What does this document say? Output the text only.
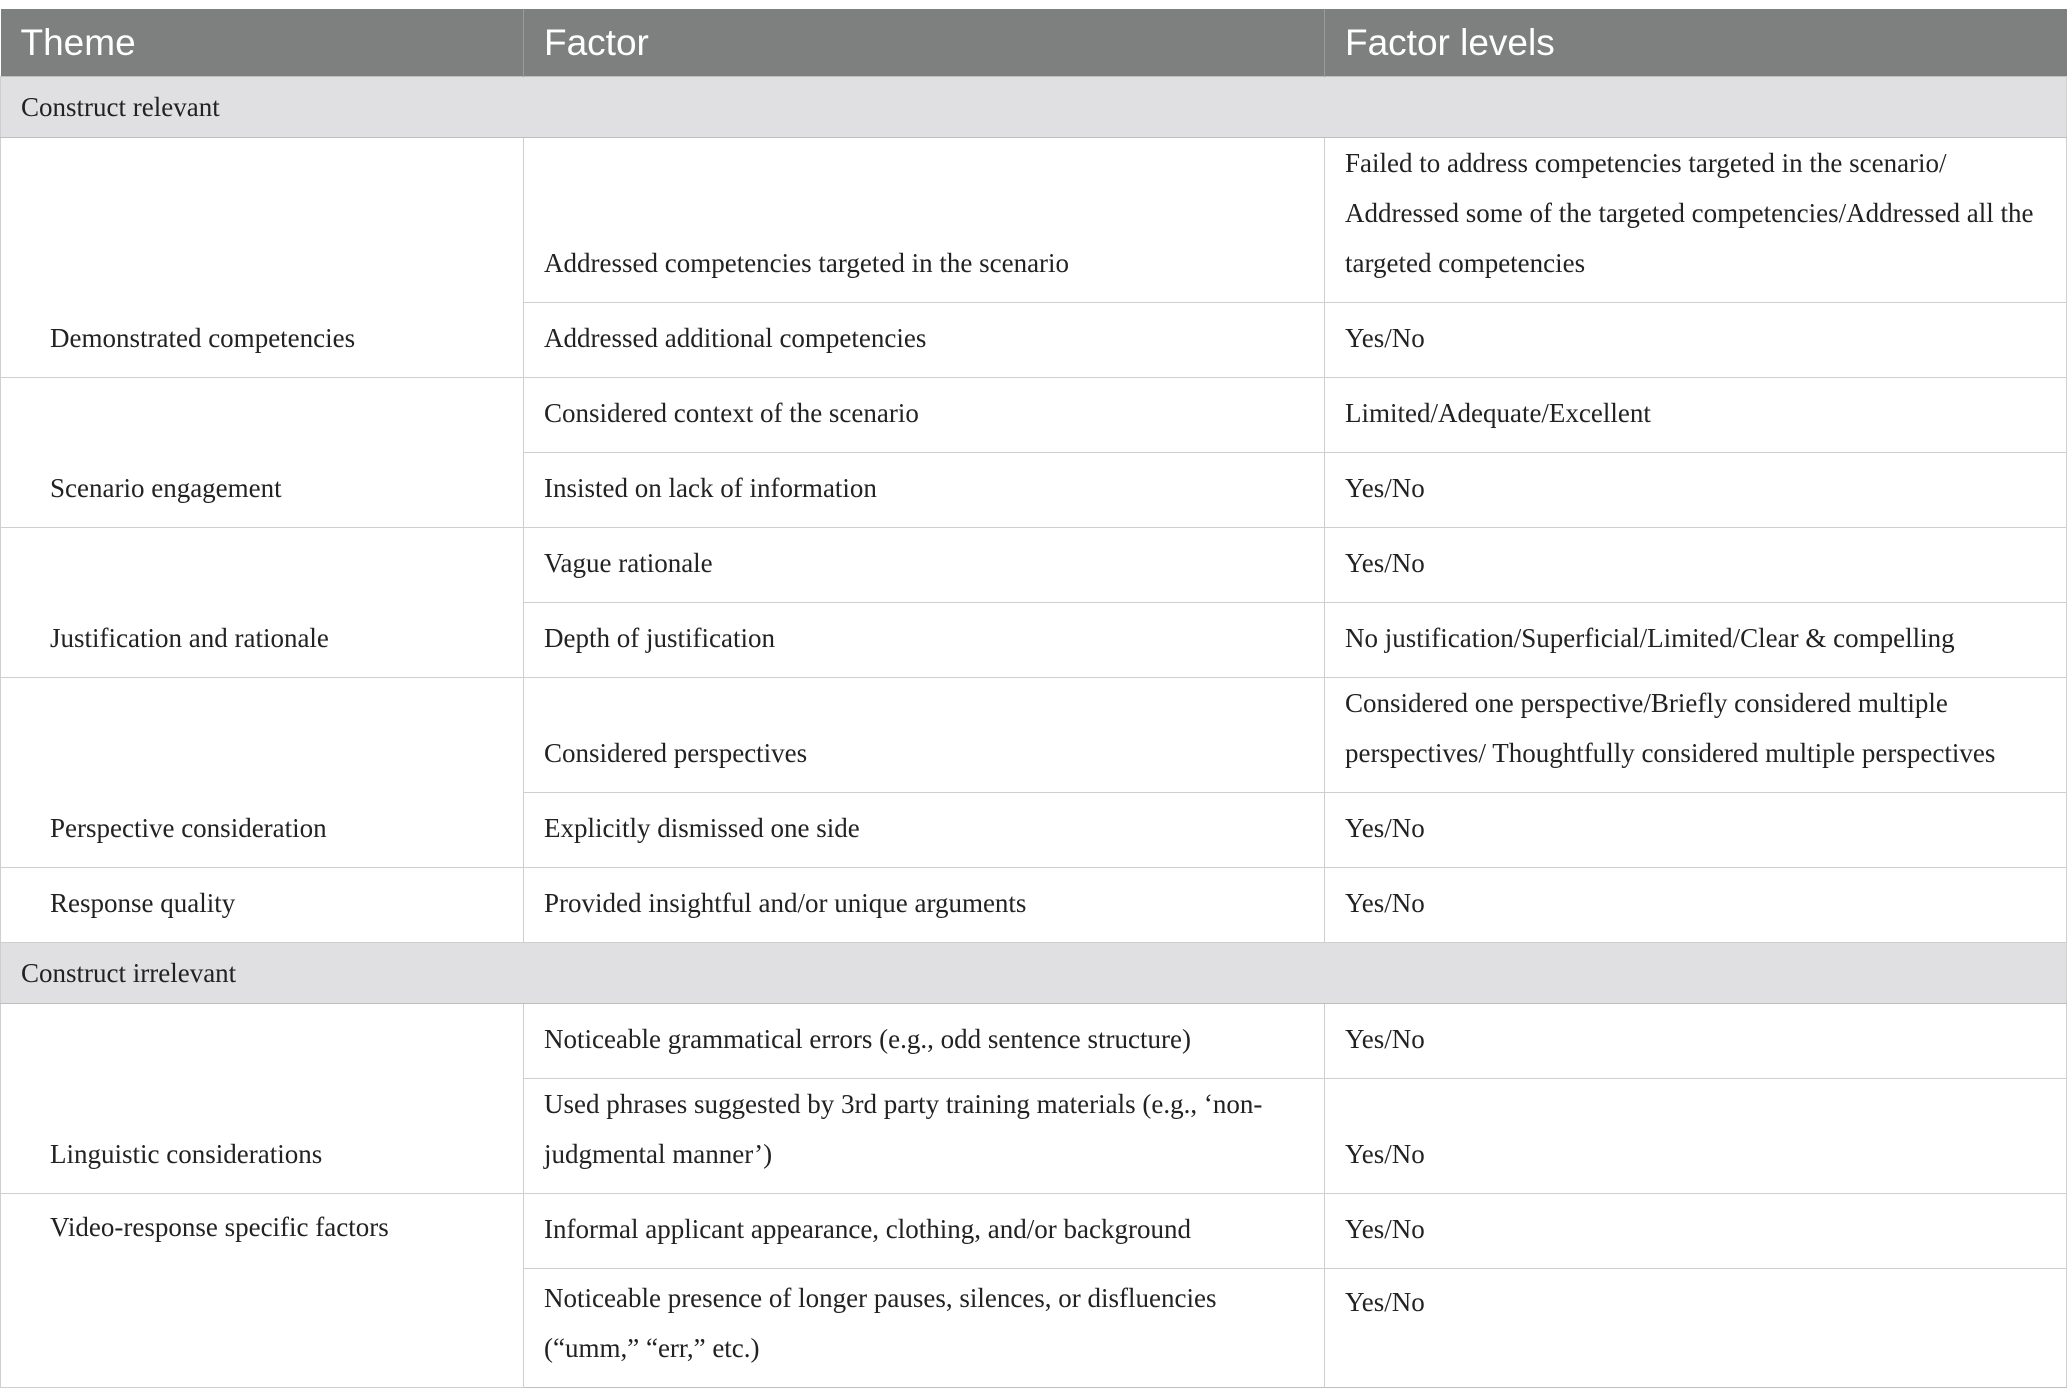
Theme	Factor	Factor levels
Construct relevant		
Demonstrated competencies	Addressed competencies targeted in the scenario	Failed to address competencies targeted in the scenario/ Addressed some of the targeted competencies/Addressed all the targeted competencies
	Addressed additional competencies	Yes/No
Scenario engagement	Considered context of the scenario	Limited/Adequate/Excellent
	Insisted on lack of information	Yes/No
Justification and rationale	Vague rationale	Yes/No
	Depth of justification	No justification/Superficial/Limited/Clear & compelling
Perspective consideration	Considered perspectives	Considered one perspective/Briefly considered multiple perspectives/ Thoughtfully considered multiple perspectives
	Explicitly dismissed one side	Yes/No
Response quality	Provided insightful and/or unique arguments	Yes/No
Construct irrelevant		
Linguistic considerations	Noticeable grammatical errors (e.g., odd sentence structure)	Yes/No
	Used phrases suggested by 3rd party training materials (e.g., ‘non-judgmental manner’)	Yes/No
Video-response specific factors	Informal applicant appearance, clothing, and/or background	Yes/No
	Noticeable presence of longer pauses, silences, or disfluencies (“umm,” “err,” etc.)	Yes/No
